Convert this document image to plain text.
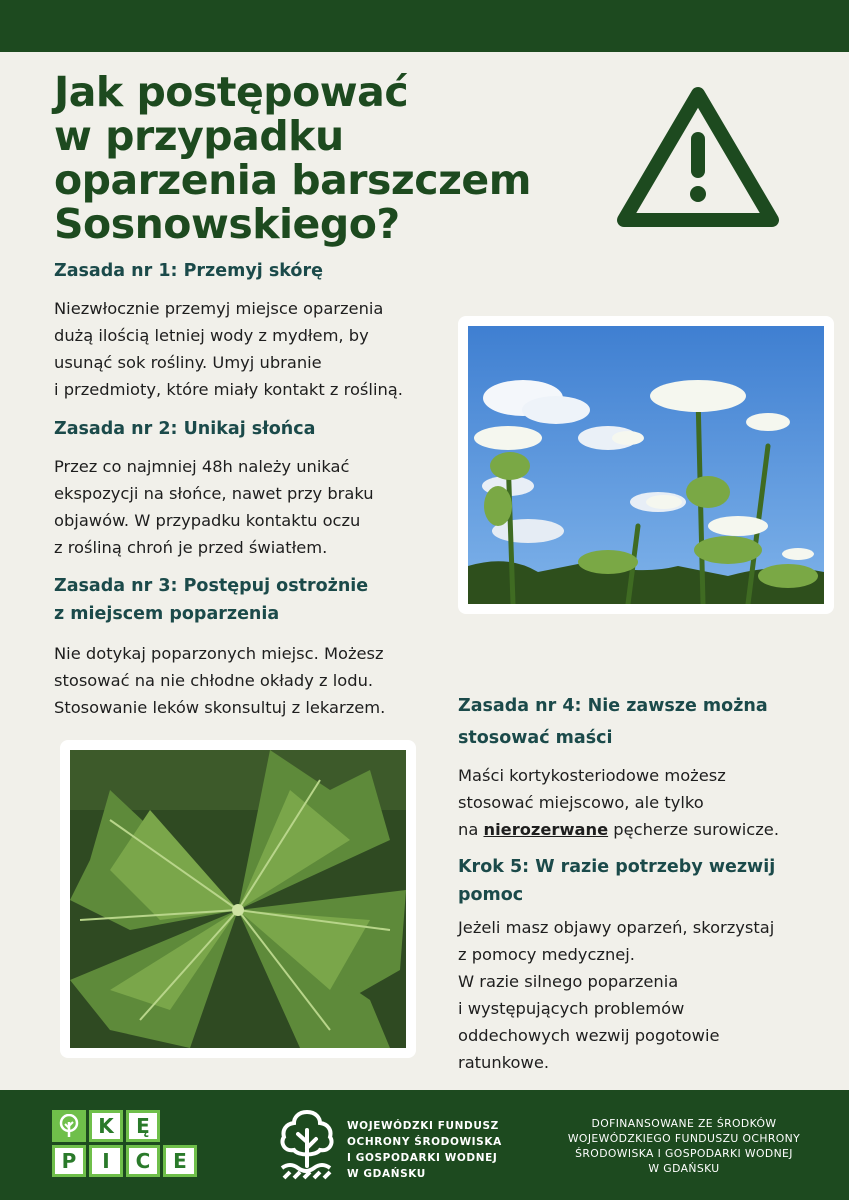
Jak postępować
w przypadku
oparzenia barszczem
Sosnowskiego?
Zasada nr 1: Przemyj skórę

Niezwłocznie przemyj miejsce oparzenia
dużą ilością letniej wody z mydłem, by
usunąć sok rośliny. Umyj ubranie
i przedmioty, które miały kontakt z rośliną.

Zasada nr 2: Unikaj słońca

Przez co najmniej 48h należy unikać
ekspozycji na słońce, nawet przy braku
objawów. W przypadku kontaktu oczu
z rośliną chroń je przed światłem.

Zasada nr 3: Postępuj ostrożnie
z miejscem poparzenia

Nie dotykaj poparzonych miejsc. Możesz
stosować na nie chłodne okłady z lodu.
Stosowanie leków skonsultuj z lekarzem.	Zasada nr 4: Nie zawsze można
stosować maści

Maści kortykosteriodowe możesz
stosować miejscowo, ale tylko
na nierozerwane pęcherze surowicze.

Krok 5: W razie potrzeby wezwij
pomoc

Jeżeli masz objawy oparzeń, skorzystaj
z pomocy medycznej.
W razie silnego poparzenia
i występujących problemów
oddechowych wezwij pogotowie
ratunkowe.

K	Ę
P	I	C	E
WOJEWÓDZKI FUNDUSZ
OCHRONY ŚRODOWISKA
I GOSPODARKI WODNEJ
W GDAŃSKU
DOFINANSOWANE ZE ŚRODKÓW
WOJEWÓDZKIEGO FUNDUSZU OCHRONY
ŚRODOWISKA I GOSPODARKI WODNEJ
W GDAŃSKU
